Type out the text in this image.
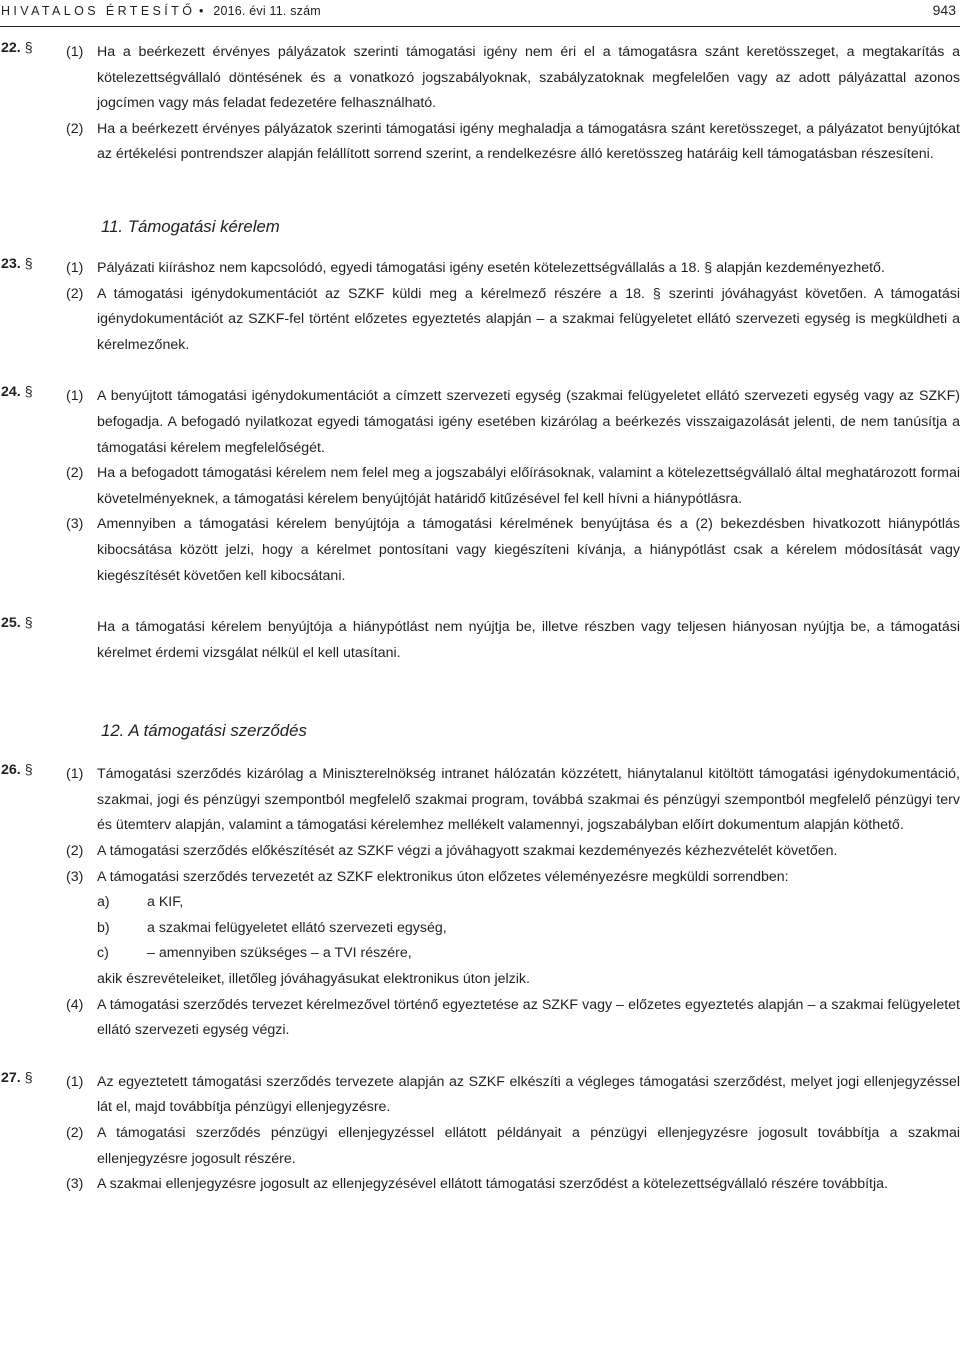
HIVATALOS ÉRTESÍTŐ • 2016. évi 11. szám	943
22. § (1) Ha a beérkezett érvényes pályázatok szerinti támogatási igény nem éri el a támogatásra szánt keretösszeget, a megtakarítás a kötelezettségvállaló döntésének és a vonatkozó jogszabályoknak, szabályzatoknak megfelelően vagy az adott pályázattal azonos jogcímen vagy más feladat fedezetére felhasználható.
(2) Ha a beérkezett érvényes pályázatok szerinti támogatási igény meghaladja a támogatásra szánt keretösszeget, a pályázatot benyújtókat az értékelési pontrendszer alapján felállított sorrend szerint, a rendelkezésre álló keretösszeg határáig kell támogatásban részesíteni.
11. Támogatási kérelem
23. § (1) Pályázati kiíráshoz nem kapcsolódó, egyedi támogatási igény esetén kötelezettségvállalás a 18. § alapján kezdeményezhető.
(2) A támogatási igénydokumentációt az SZKF küldi meg a kérelmező részére a 18. § szerinti jóváhagyást követően. A támogatási igénydokumentációt az SZKF-fel történt előzetes egyeztetés alapján – a szakmai felügyeletet ellátó szervezeti egység is megküldheti a kérelmezőnek.
24. § (1) A benyújtott támogatási igénydokumentációt a címzett szervezeti egység (szakmai felügyeletet ellátó szervezeti egység vagy az SZKF) befogadja. A befogadó nyilatkozat egyedi támogatási igény esetében kizárólag a beérkezés visszaigazolását jelenti, de nem tanúsítja a támogatási kérelem megfelelőségét.
(2) Ha a befogadott támogatási kérelem nem felel meg a jogszabályi előírásoknak, valamint a kötelezettségvállaló által meghatározott formai követelményeknek, a támogatási kérelem benyújtóját határidő kitűzésével fel kell hívni a hiánypótlásra.
(3) Amennyiben a támogatási kérelem benyújtója a támogatási kérelmének benyújtása és a (2) bekezdésben hivatkozott hiánypótlás kibocsátása között jelzi, hogy a kérelmet pontosítani vagy kiegészíteni kívánja, a hiánypótlást csak a kérelem módosítását vagy kiegészítését követően kell kibocsátani.
25. §	Ha a támogatási kérelem benyújtója a hiánypótlást nem nyújtja be, illetve részben vagy teljesen hiányosan nyújtja be, a támogatási kérelmet érdemi vizsgálat nélkül el kell utasítani.
12. A támogatási szerződés
26. § (1) Támogatási szerződés kizárólag a Miniszterelnökség intranet hálózatán közzétett, hiánytalanul kitöltött támogatási igénydokumentáció, szakmai, jogi és pénzügyi szempontból megfelelő szakmai program, továbbá szakmai és pénzügyi szempontból megfelelő pénzügyi terv és ütemterv alapján, valamint a támogatási kérelemhez mellékelt valamennyi, jogszabályban előírt dokumentum alapján köthető.
(2) A támogatási szerződés előkészítését az SZKF végzi a jóváhagyott szakmai kezdeményezés kézhezvételét követően.
(3) A támogatási szerződés tervezetét az SZKF elektronikus úton előzetes véleményezésre megküldi sorrendben:
a)	a KIF,
b)	a szakmai felügyeletet ellátó szervezeti egység,
c)	– amennyiben szükséges – a TVI részére,
akik észrevételeiket, illetőleg jóváhagyásukat elektronikus úton jelzik.
(4) A támogatási szerződés tervezet kérelmezővel történő egyeztetése az SZKF vagy – előzetes egyeztetés alapján – a szakmai felügyeletet ellátó szervezeti egység végzi.
27. § (1) Az egyeztetett támogatási szerződés tervezete alapján az SZKF elkészíti a végleges támogatási szerződést, melyet jogi ellenjegyzéssel lát el, majd továbbítja pénzügyi ellenjegyzésre.
(2) A támogatási szerződés pénzügyi ellenjegyzéssel ellátott példányait a pénzügyi ellenjegyzésre jogosult továbbítja a szakmai ellenjegyzésre jogosult részére.
(3) A szakmai ellenjegyzésre jogosult az ellenjegyzésével ellátott támogatási szerződést a kötelezettségvállaló részére továbbítja.
